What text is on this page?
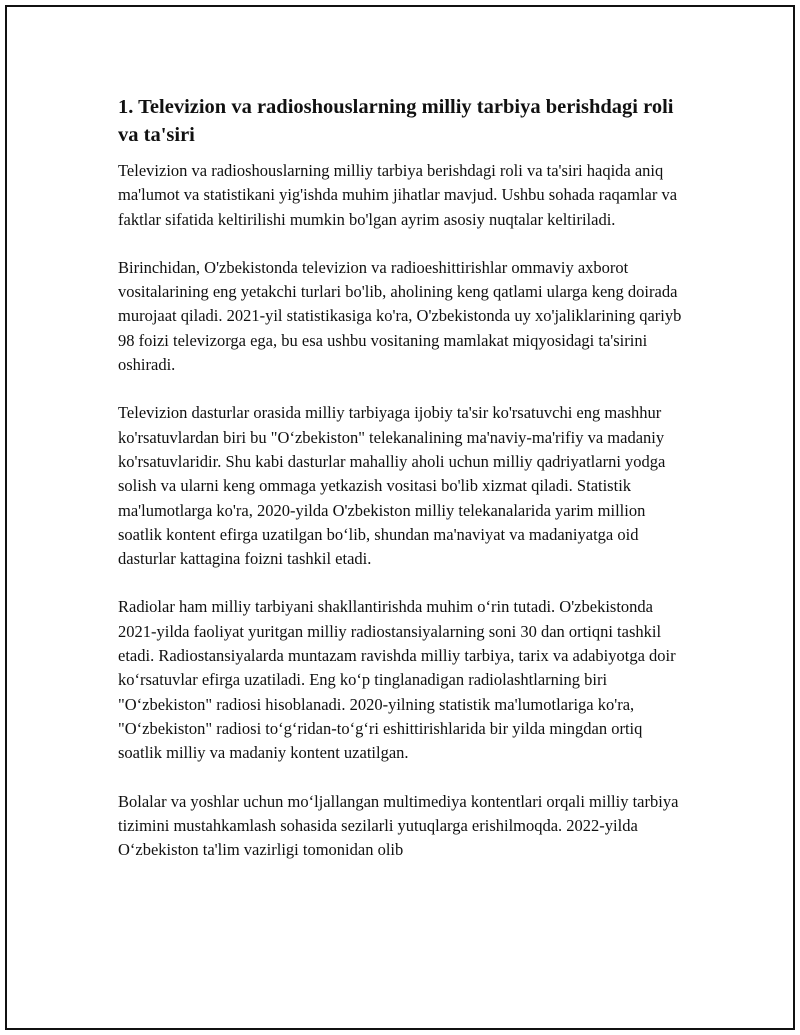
1. Televizion va radioshouslarning milliy tarbiya berishdagi roli va ta'siri

Televizion va radioshouslarning milliy tarbiya berishdagi roli va ta'siri haqida aniq ma'lumot va statistikani yig'ishda muhim jihatlar mavjud. Ushbu sohada raqamlar va faktlar sifatida keltirilishi mumkin bo'lgan ayrim asosiy nuqtalar keltiriladi.

Birinchidan, O'zbekistonda televizion va radioeshittirishlar ommaviy axborot vositalarining eng yetakchi turlari bo'lib, aholining keng qatlami ularga keng doirada murojaat qiladi. 2021-yil statistikasiga ko'ra, O'zbekistonda uy xo'jaliklarining qariyb 98 foizi televizorga ega, bu esa ushbu vositaning mamlakat miqyosidagi ta'sirini oshiradi.

Televizion dasturlar orasida milliy tarbiyaga ijobiy ta'sir ko'rsatuvchi eng mashhur ko'rsatuvlardan biri bu "O‘zbekiston" telekanalining ma'naviy-ma'rifiy va madaniy ko'rsatuvlaridir. Shu kabi dasturlar mahalliy aholi uchun milliy qadriyatlarni yodga solish va ularni keng ommaga yetkazish vositasi bo'lib xizmat qiladi. Statistik ma'lumotlarga ko'ra, 2020-yilda O'zbekiston milliy telekanalarida yarim million soatlik kontent efirga uzatilgan bo‘lib, shundan ma'naviyat va madaniyatga oid dasturlar kattagina foizni tashkil etadi.

Radiolar ham milliy tarbiyani shakllantirishda muhim o‘rin tutadi. O'zbekistonda 2021-yilda faoliyat yuritgan milliy radiostansiyalarning soni 30 dan ortiqni tashkil etadi. Radiostansiyalarda muntazam ravishda milliy tarbiya, tarix va adabiyotga doir ko‘rsatuvlar efirga uzatiladi. Eng ko‘p tinglanadigan radiolashtlarning biri "O‘zbekiston" radiosi hisoblanadi. 2020-yilning statistik ma'lumotlariga ko'ra, "O‘zbekiston" radiosi to‘g‘ridan-to‘g‘ri eshittirishlarida bir yilda mingdan ortiq soatlik milliy va madaniy kontent uzatilgan.

Bolalar va yoshlar uchun mo‘ljallangan multimediya kontentlari orqali milliy tarbiya tizimini mustahkamlash sohasida sezilarli yutuqlarga erishilmoqda. 2022-yilda O‘zbekiston ta'lim vazirligi tomonidan olib
